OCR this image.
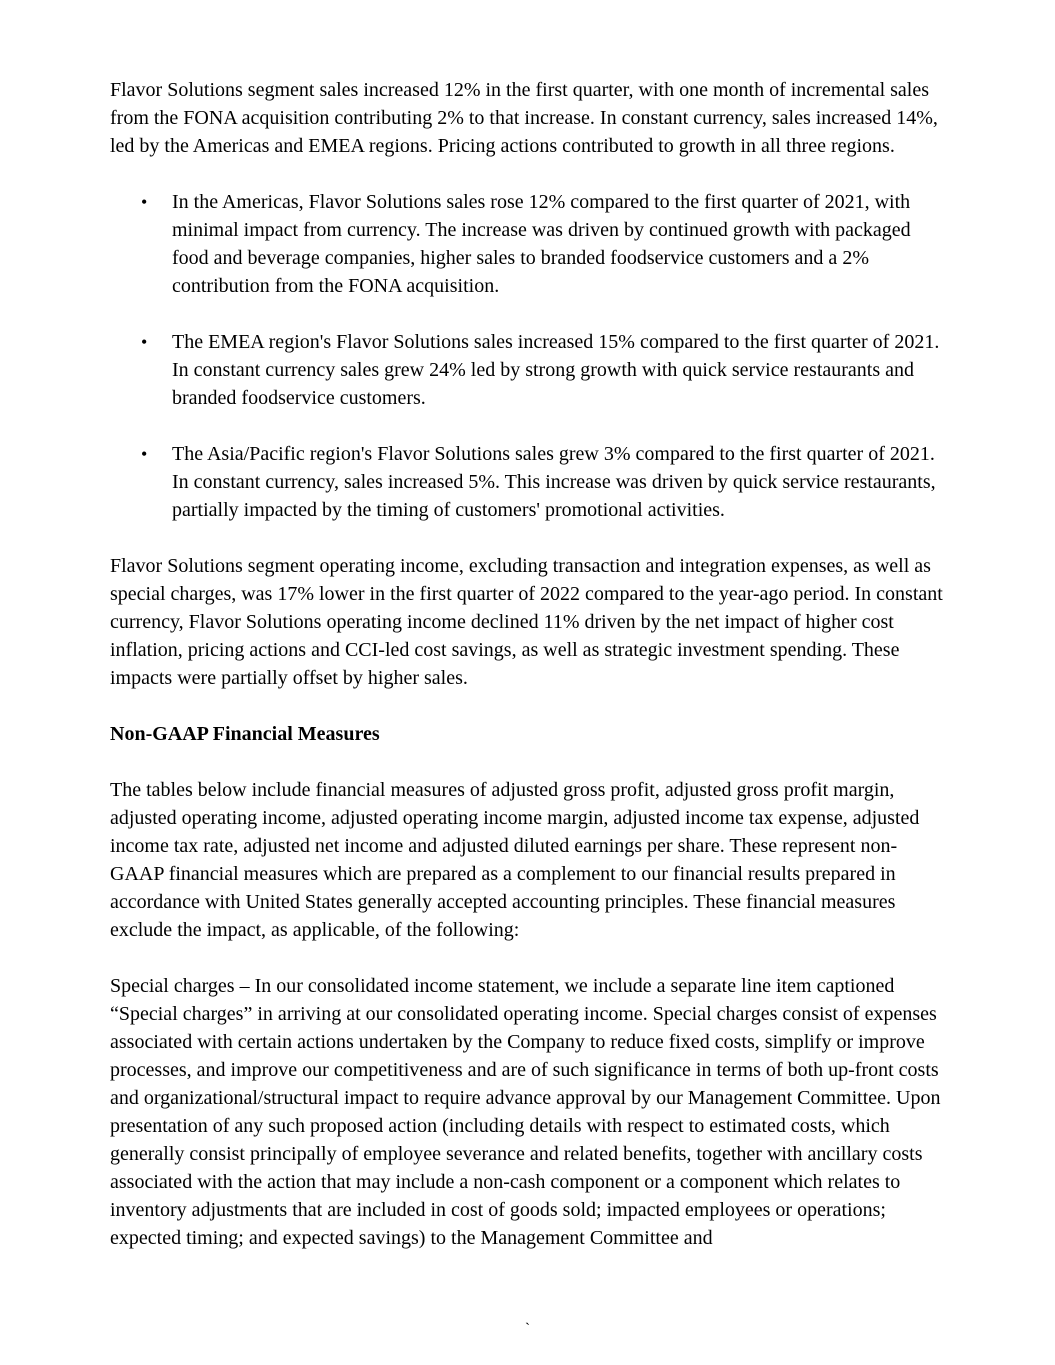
Flavor Solutions segment sales increased 12% in the first quarter, with one month of incremental sales from the FONA acquisition contributing 2% to that increase. In constant currency, sales increased 14%, led by the Americas and EMEA regions. Pricing actions contributed to growth in all three regions.

• In the Americas, Flavor Solutions sales rose 12% compared to the first quarter of 2021, with minimal impact from currency. The increase was driven by continued growth with packaged food and beverage companies, higher sales to branded foodservice customers and a 2% contribution from the FONA acquisition.
• The EMEA region's Flavor Solutions sales increased 15% compared to the first quarter of 2021. In constant currency sales grew 24% led by strong growth with quick service restaurants and branded foodservice customers.
• The Asia/Pacific region's Flavor Solutions sales grew 3% compared to the first quarter of 2021. In constant currency, sales increased 5%. This increase was driven by quick service restaurants, partially impacted by the timing of customers' promotional activities.

Flavor Solutions segment operating income, excluding transaction and integration expenses, as well as special charges, was 17% lower in the first quarter of 2022 compared to the year-ago period. In constant currency, Flavor Solutions operating income declined 11% driven by the net impact of higher cost inflation, pricing actions and CCI-led cost savings, as well as strategic investment spending. These impacts were partially offset by higher sales.

Non-GAAP Financial Measures

The tables below include financial measures of adjusted gross profit, adjusted gross profit margin, adjusted operating income, adjusted operating income margin, adjusted income tax expense, adjusted income tax rate, adjusted net income and adjusted diluted earnings per share. These represent non-GAAP financial measures which are prepared as a complement to our financial results prepared in accordance with United States generally accepted accounting principles. These financial measures exclude the impact, as applicable, of the following:

Special charges – In our consolidated income statement, we include a separate line item captioned “Special charges” in arriving at our consolidated operating income. Special charges consist of expenses associated with certain actions undertaken by the Company to reduce fixed costs, simplify or improve processes, and improve our competitiveness and are of such significance in terms of both up-front costs and organizational/structural impact to require advance approval by our Management Committee. Upon presentation of any such proposed action (including details with respect to estimated costs, which generally consist principally of employee severance and related benefits, together with ancillary costs associated with the action that may include a non-cash component or a component which relates to inventory adjustments that are included in cost of goods sold; impacted employees or operations; expected timing; and expected savings) to the Management Committee and

`
